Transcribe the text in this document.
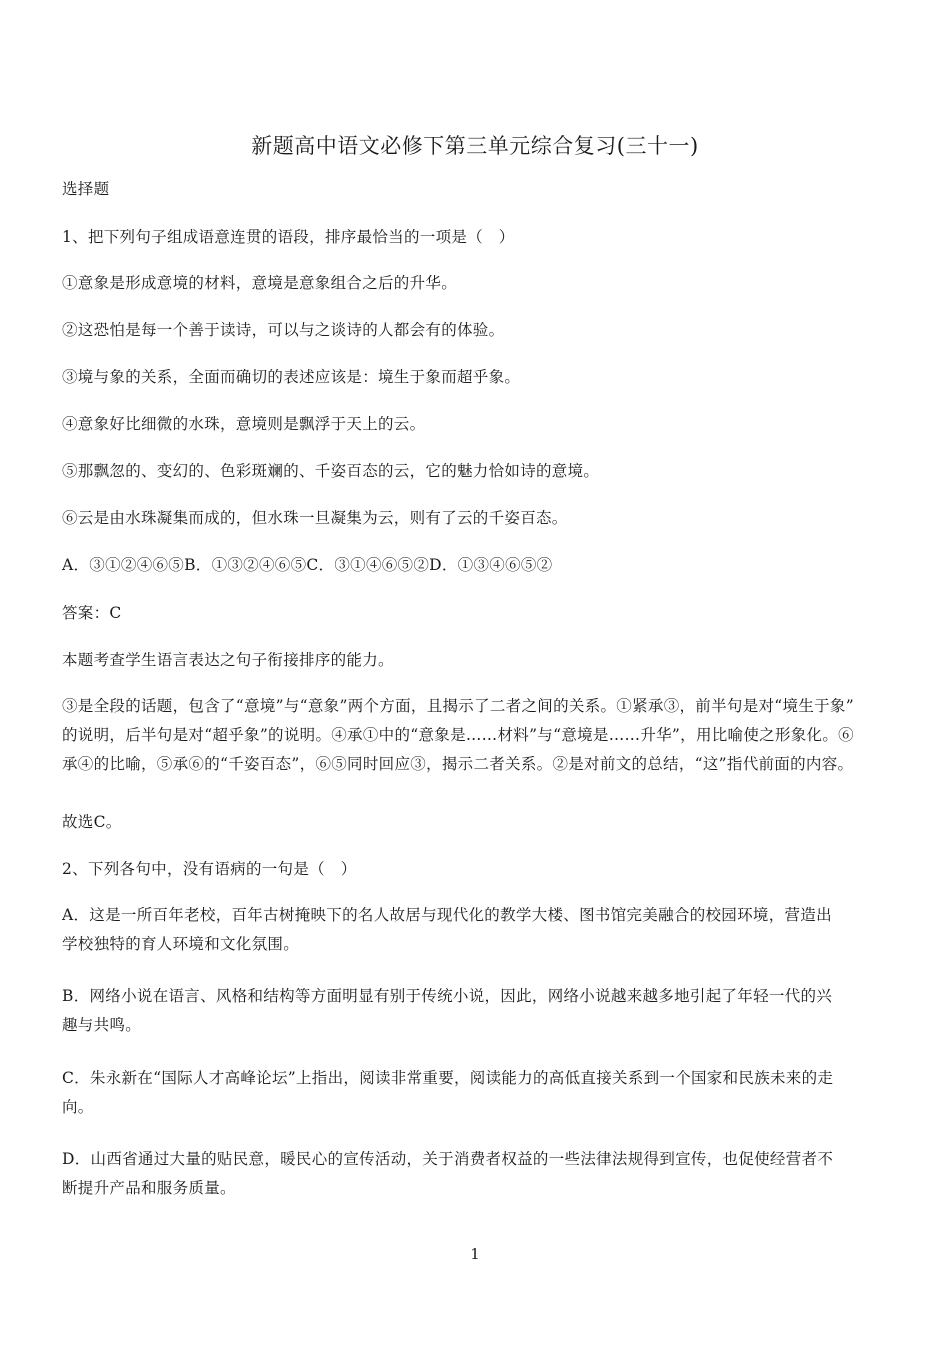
新题高中语文必修下第三单元综合复习(三十一)
选择题
1、把下列句子组成语意连贯的语段，排序最恰当的一项是（　）
①意象是形成意境的材料，意境是意象组合之后的升华。
②这恐怕是每一个善于读诗，可以与之谈诗的人都会有的体验。
③境与象的关系，全面而确切的表述应该是：境生于象而超乎象。
④意象好比细微的水珠，意境则是飘浮于天上的云。
⑤那飘忽的、变幻的、色彩斑斓的、千姿百态的云，它的魅力恰如诗的意境。
⑥云是由水珠凝集而成的，但水珠一旦凝集为云，则有了云的千姿百态。
A．③①②④⑥⑤B．①③②④⑥⑤C．③①④⑥⑤②D．①③④⑥⑤②
答案：C
本题考查学生语言表达之句子衔接排序的能力。
③是全段的话题，包含了“意境”与“意象”两个方面，且揭示了二者之间的关系。①紧承③，前半句是对“境生于象”
的说明，后半句是对“超乎象”的说明。④承①中的“意象是……材料”与“意境是……升华”，用比喻使之形象化。⑥
承④的比喻，⑤承⑥的“千姿百态”，⑥⑤同时回应③，揭示二者关系。②是对前文的总结，“这”指代前面的内容。
故选C。
2、下列各句中，没有语病的一句是（　）
A．这是一所百年老校，百年古树掩映下的名人故居与现代化的教学大楼、图书馆完美融合的校园环境，营造出
学校独特的育人环境和文化氛围。
B．网络小说在语言、风格和结构等方面明显有别于传统小说，因此，网络小说越来越多地引起了年轻一代的兴
趣与共鸣。
C．朱永新在“国际人才高峰论坛”上指出，阅读非常重要，阅读能力的高低直接关系到一个国家和民族未来的走
向。
D．山西省通过大量的贴民意，暖民心的宣传活动，关于消费者权益的一些法律法规得到宣传，也促使经营者不
断提升产品和服务质量。
1
